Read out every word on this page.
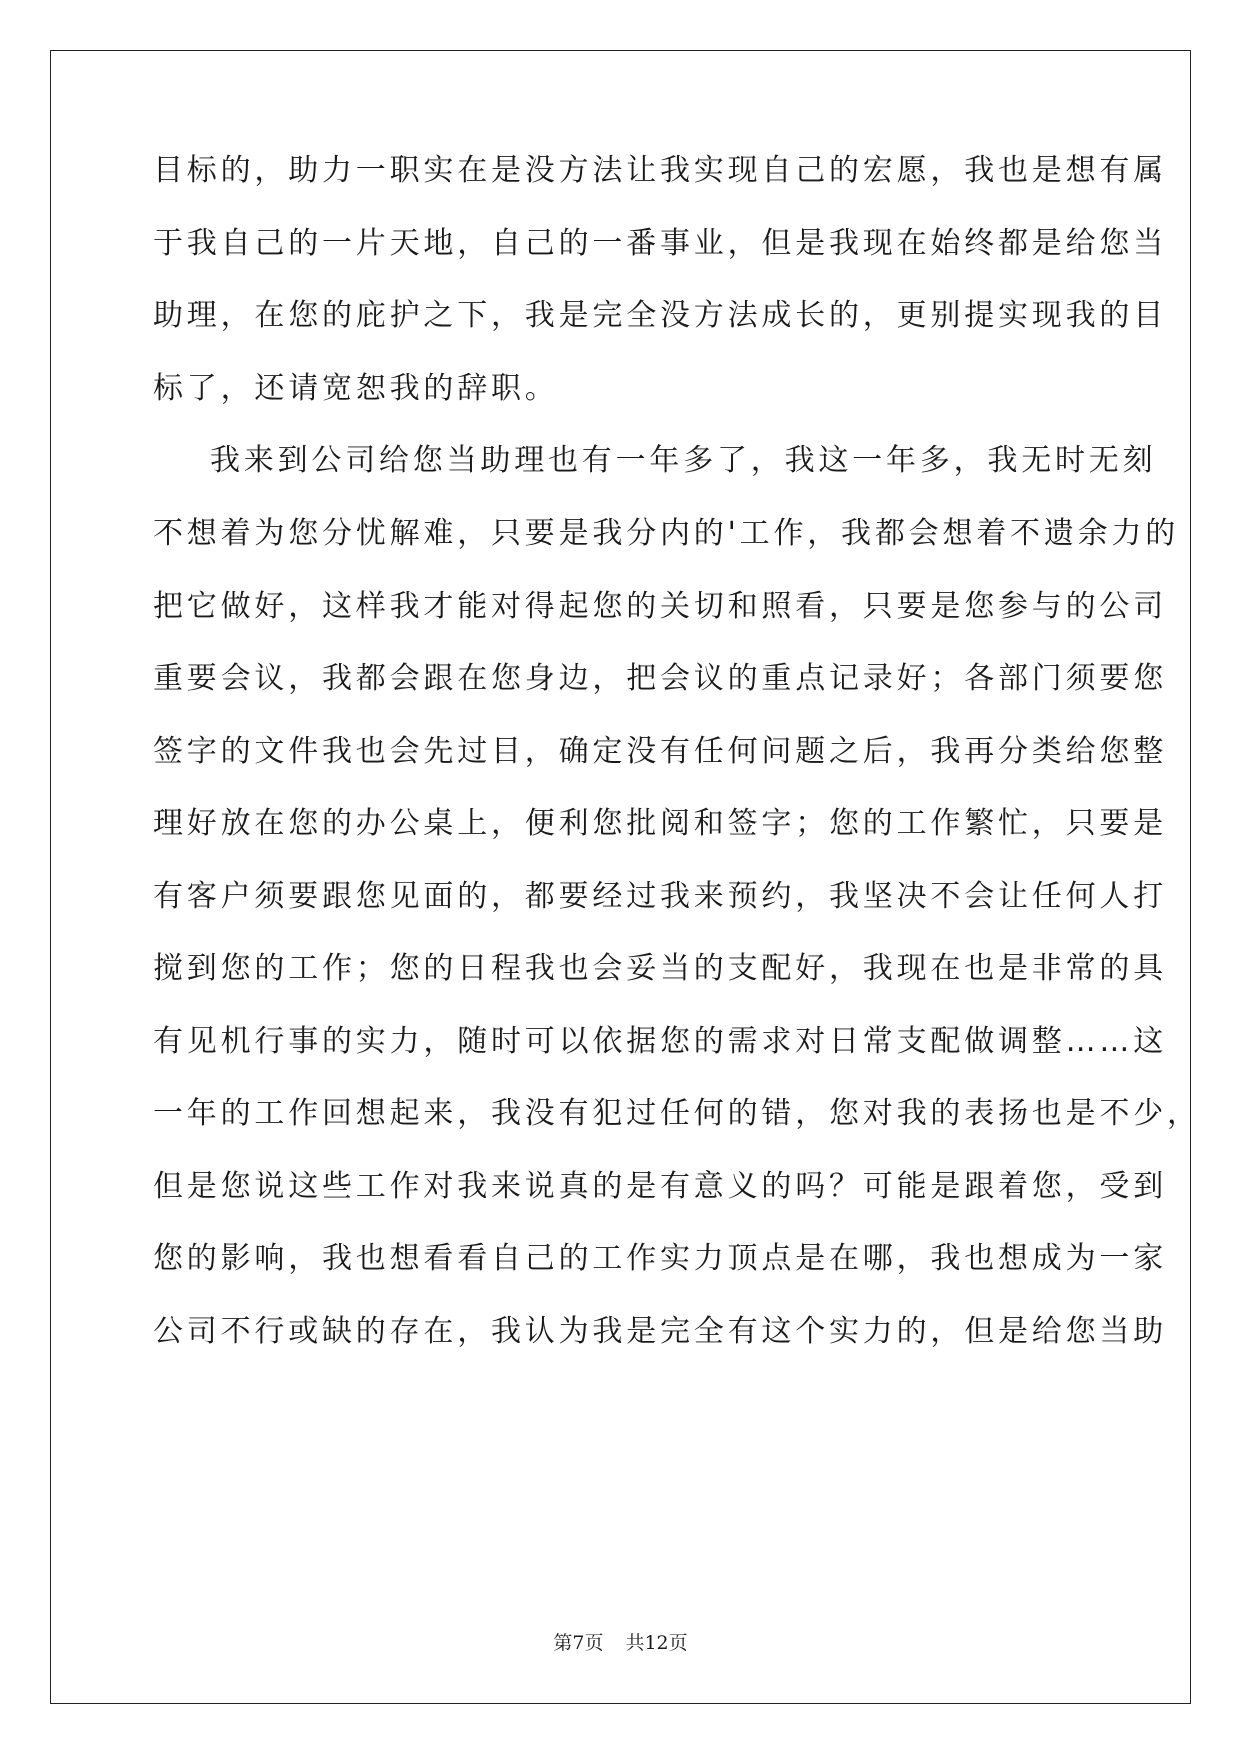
目标的，助力一职实在是没方法让我实现自己的宏愿，我也是想有属

于我自己的一片天地，自己的一番事业，但是我现在始终都是给您当

助理，在您的庇护之下，我是完全没方法成长的，更别提实现我的目

标了，还请宽恕我的辞职。

我来到公司给您当助理也有一年多了，我这一年多，我无时无刻

不想着为您分忧解难，只要是我分内的'工作，我都会想着不遗余力的

把它做好，这样我才能对得起您的关切和照看，只要是您参与的公司

重要会议，我都会跟在您身边，把会议的重点记录好；各部门须要您

签字的文件我也会先过目，确定没有任何问题之后，我再分类给您整

理好放在您的办公桌上，便利您批阅和签字；您的工作繁忙，只要是

有客户须要跟您见面的，都要经过我来预约，我坚决不会让任何人打

搅到您的工作；您的日程我也会妥当的支配好，我现在也是非常的具

有见机行事的实力，随时可以依据您的需求对日常支配做调整……这

一年的工作回想起来，我没有犯过任何的错，您对我的表扬也是不少，

但是您说这些工作对我来说真的是有意义的吗？可能是跟着您，受到

您的影响，我也想看看自己的工作实力顶点是在哪，我也想成为一家

公司不行或缺的存在，我认为我是完全有这个实力的，但是给您当助

第7页 共12页
